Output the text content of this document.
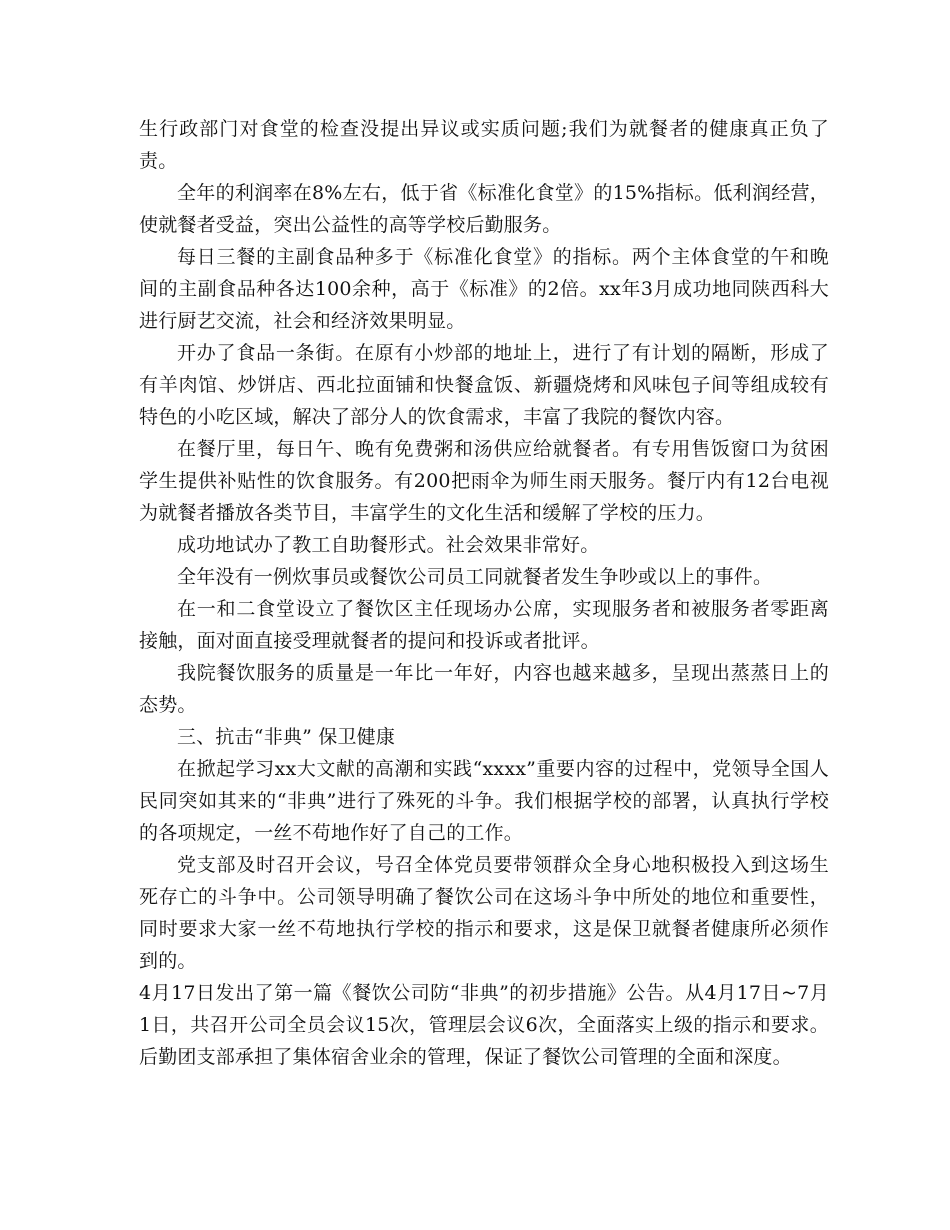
生行政部门对食堂的检查没提出异议或实质问题;我们为就餐者的健康真正负了责。

全年的利润率在8%左右，低于省《标准化食堂》的15%指标。低利润经营，使就餐者受益，突出公益性的高等学校后勤服务。

每日三餐的主副食品种多于《标准化食堂》的指标。两个主体食堂的午和晚间的主副食品种各达100余种，高于《标准》的2倍。xx年3月成功地同陕西科大进行厨艺交流，社会和经济效果明显。

开办了食品一条街。在原有小炒部的地址上，进行了有计划的隔断，形成了有羊肉馆、炒饼店、西北拉面铺和快餐盒饭、新疆烧烤和风味包子间等组成较有特色的小吃区域，解决了部分人的饮食需求，丰富了我院的餐饮内容。

在餐厅里，每日午、晚有免费粥和汤供应给就餐者。有专用售饭窗口为贫困学生提供补贴性的饮食服务。有200把雨伞为师生雨天服务。餐厅内有12台电视为就餐者播放各类节目，丰富学生的文化生活和缓解了学校的压力。

成功地试办了教工自助餐形式。社会效果非常好。

全年没有一例炊事员或餐饮公司员工同就餐者发生争吵或以上的事件。

在一和二食堂设立了餐饮区主任现场办公席，实现服务者和被服务者零距离接触，面对面直接受理就餐者的提问和投诉或者批评。

我院餐饮服务的质量是一年比一年好，内容也越来越多，呈现出蒸蒸日上的态势。

三、抗击“非典” 保卫健康

在掀起学习xx大文献的高潮和实践“xxxx”重要内容的过程中，党领导全国人民同突如其来的“非典”进行了殊死的斗争。我们根据学校的部署，认真执行学校的各项规定，一丝不苟地作好了自己的工作。

党支部及时召开会议，号召全体党员要带领群众全身心地积极投入到这场生死存亡的斗争中。公司领导明确了餐饮公司在这场斗争中所处的地位和重要性，同时要求大家一丝不苟地执行学校的指示和要求，这是保卫就餐者健康所必须作到的。

4月17日发出了第一篇《餐饮公司防“非典”的初步措施》公告。从4月17日~7月1日，共召开公司全员会议15次，管理层会议6次，全面落实上级的指示和要求。后勤团支部承担了集体宿舍业余的管理，保证了餐饮公司管理的全面和深度。
